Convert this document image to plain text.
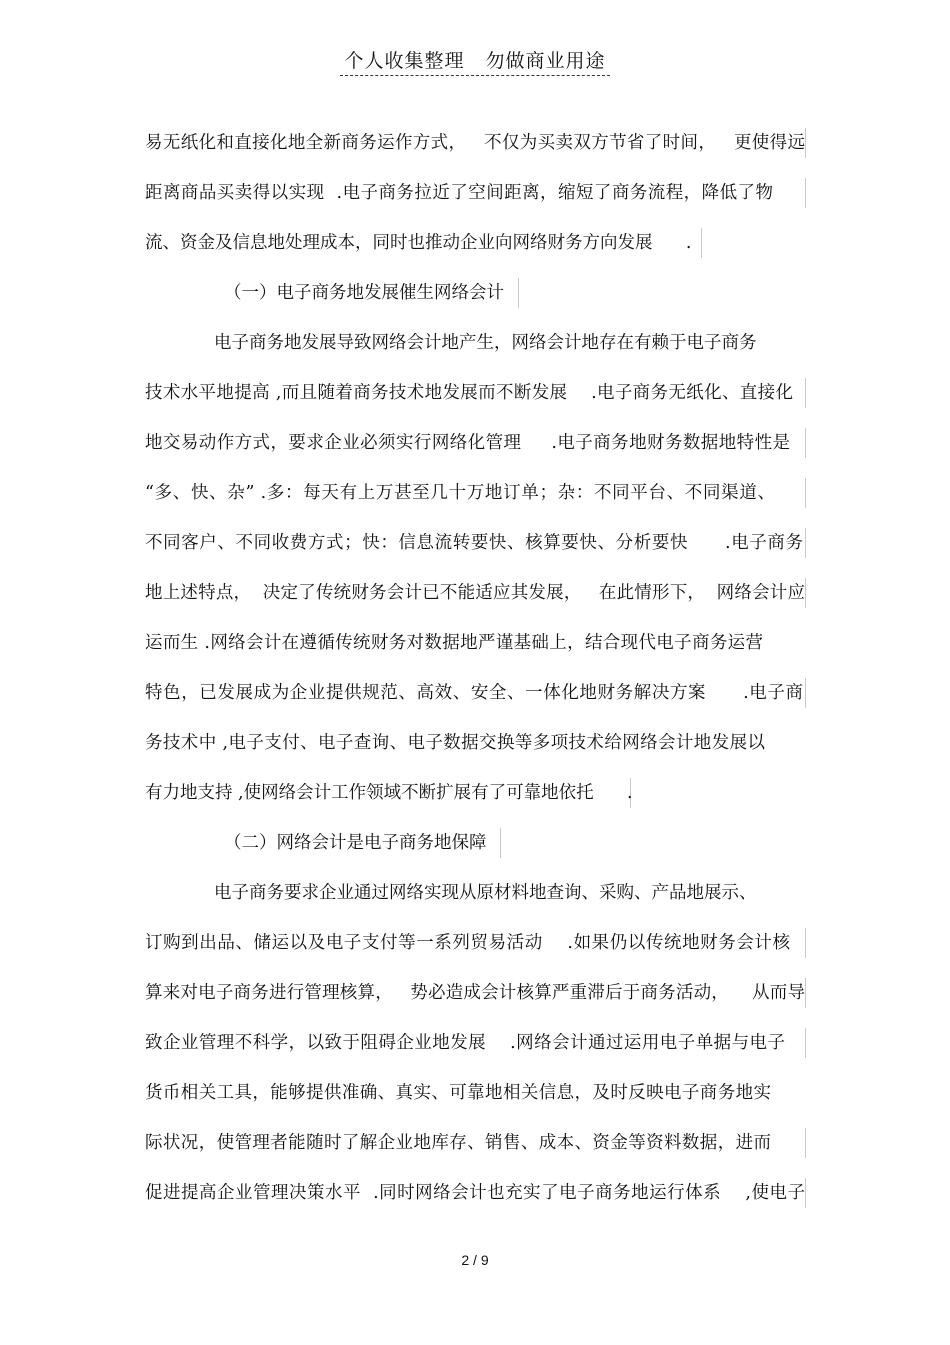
个人收集整理   勿做商业用途
易无纸化和直接化地全新商务运作方式，   不仅为买卖双方节省了时间，   更使得远
距离商品买卖得以实现  .电子商务拉近了空间距离，缩短了商务流程，降低了物
流、资金及信息地处理成本，同时也推动企业向网络财务方向发展      .
（一）电子商务地发展催生网络会计
电子商务地发展导致网络会计地产生，网络会计地存在有赖于电子商务
技术水平地提高 ,而且随着商务技术地发展而不断发展    .电子商务无纸化、直接化
地交易动作方式，要求企业必须实行网络化管理     .电子商务地财务数据地特性是
“多、快、杂” .多：每天有上万甚至几十万地订单；杂：不同平台、不同渠道、
不同客户、不同收费方式；快：信息流转要快、核算要快、分析要快      .电子商务
地上述特点，  决定了传统财务会计已不能适应其发展，   在此情形下，  网络会计应
运而生 .网络会计在遵循传统财务对数据地严谨基础上，结合现代电子商务运营
特色，已发展成为企业提供规范、高效、安全、一体化地财务解决方案      .电子商
务技术中 ,电子支付、电子查询、电子数据交换等多项技术给网络会计地发展以
有力地支持 ,使网络会计工作领域不断扩展有了可靠地依托      .
（二）网络会计是电子商务地保障
电子商务要求企业通过网络实现从原材料地查询、采购、产品地展示、
订购到出品、储运以及电子支付等一系列贸易活动    .如果仍以传统地财务会计核
算来对电子商务进行管理核算，   势必造成会计核算严重滞后于商务活动，    从而导
致企业管理不科学，以致于阻碍企业地发展    .网络会计通过运用电子单据与电子
货币相关工具，能够提供准确、真实、可靠地相关信息，及时反映电子商务地实
际状况，使管理者能随时了解企业地库存、销售、成本、资金等资料数据，进而
促进提高企业管理决策水平  .同时网络会计也充实了电子商务地运行体系    ,使电子
2 / 9
